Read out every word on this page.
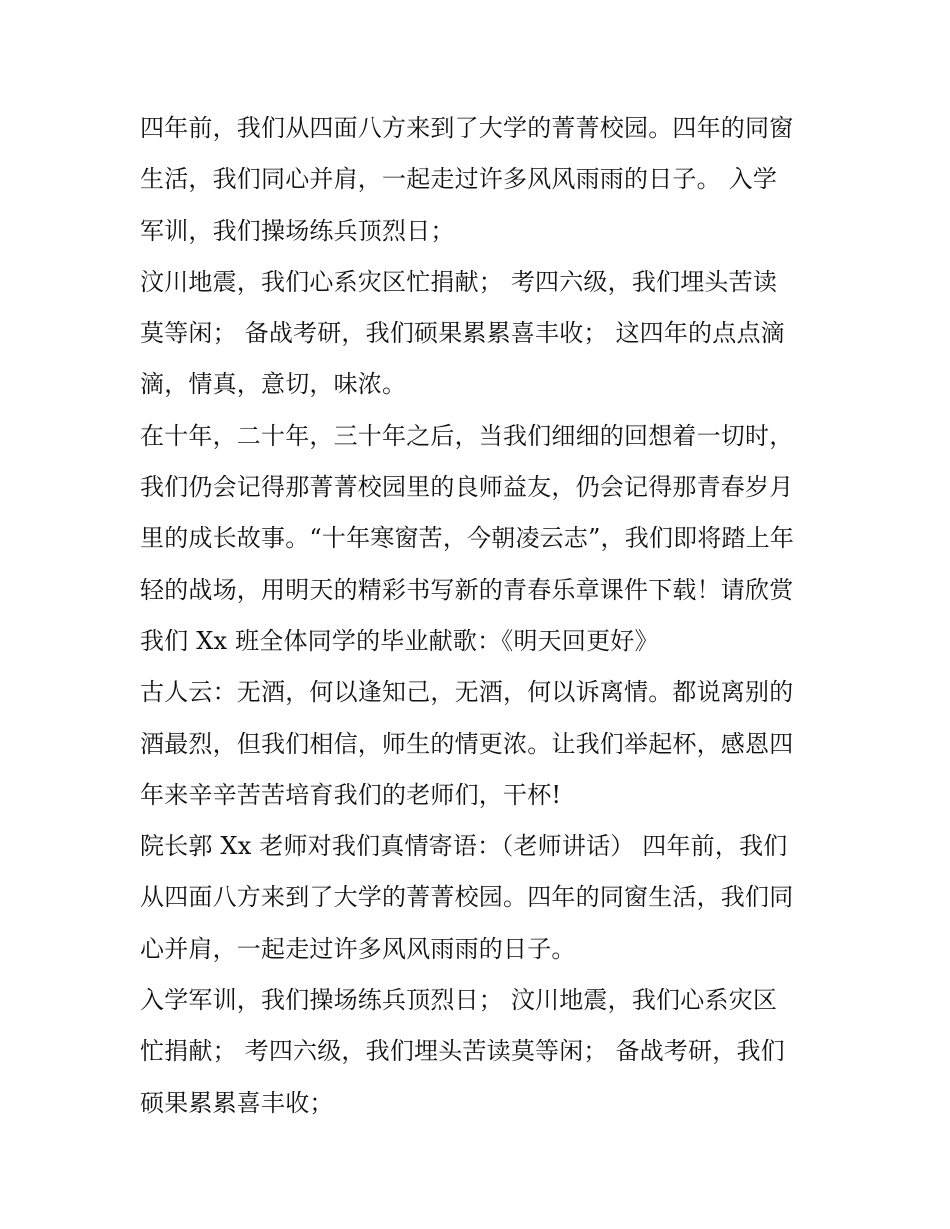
四年前，我们从四面八方来到了大学的菁菁校园。四年的同窗
生活，我们同心并肩，一起走过许多风风雨雨的日子。 入学
军训，我们操场练兵顶烈日；
汶川地震，我们心系灾区忙捐献； 考四六级，我们埋头苦读
莫等闲； 备战考研，我们硕果累累喜丰收； 这四年的点点滴
滴，情真，意切，味浓。
在十年，二十年，三十年之后，当我们细细的回想着一切时，
我们仍会记得那菁菁校园里的良师益友，仍会记得那青春岁月
里的成长故事。“十年寒窗苦，今朝凌云志”，我们即将踏上年
轻的战场，用明天的精彩书写新的青春乐章课件下载！请欣赏
我们 Xx 班全体同学的毕业献歌：《明天回更好》
古人云：无酒，何以逢知己，无酒，何以诉离情。都说离别的
酒最烈，但我们相信，师生的情更浓。让我们举起杯，感恩四
年来辛辛苦苦培育我们的老师们，干杯!
院长郭 Xx 老师对我们真情寄语：（老师讲话） 四年前，我们
从四面八方来到了大学的菁菁校园。四年的同窗生活，我们同
心并肩，一起走过许多风风雨雨的日子。
入学军训，我们操场练兵顶烈日； 汶川地震，我们心系灾区
忙捐献； 考四六级，我们埋头苦读莫等闲； 备战考研，我们
硕果累累喜丰收；
